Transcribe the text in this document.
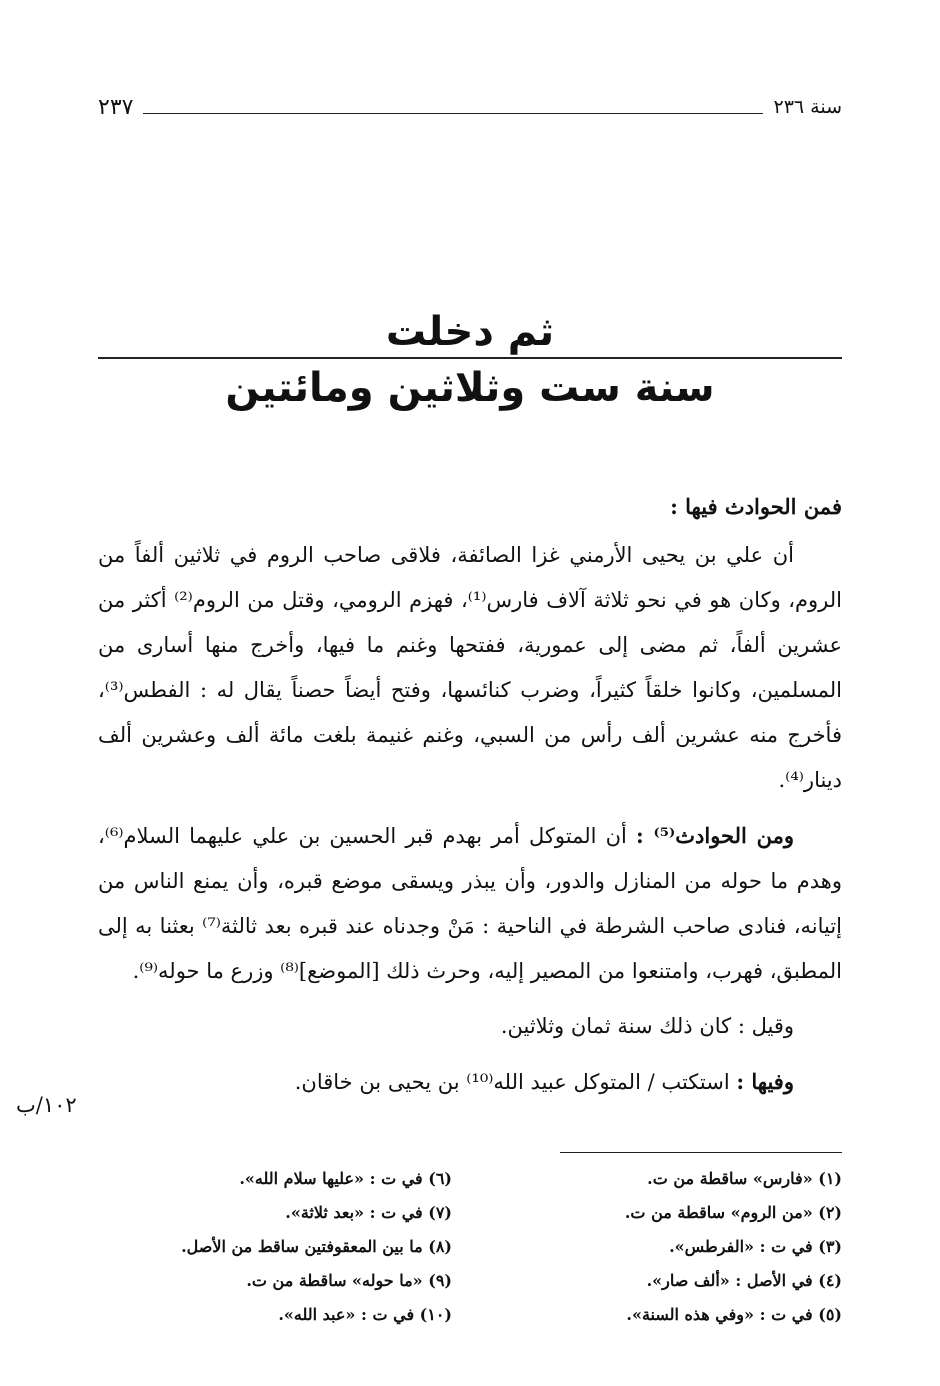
سنة ٢٣٦
٢٣٧
ثم دخلت
سنة ست وثلاثين ومائتين

فمن الحوادث فيها :

أن علي بن يحيى الأرمني غزا الصائفة، فلاقى صاحب الروم في ثلاثين ألفاً من الروم، وكان هو في نحو ثلاثة آلاف فارس⁽¹⁾، فهزم الرومي، وقتل من الروم⁽²⁾ أكثر من عشرين ألفاً، ثم مضى إلى عمورية، ففتحها وغنم ما فيها، وأخرج منها أسارى من المسلمين، وكانوا خلقاً كثيراً، وضرب كنائسها، وفتح أيضاً حصناً يقال له : الفطس⁽³⁾، فأخرج منه عشرين ألف رأس من السبي، وغنم غنيمة بلغت مائة ألف وعشرين ألف دينار⁽⁴⁾.

ومن الحوادث⁽⁵⁾ : أن المتوكل أمر بهدم قبر الحسين بن علي عليهما السلام⁽⁶⁾، وهدم ما حوله من المنازل والدور، وأن يبذر ويسقى موضع قبره، وأن يمنع الناس من إتيانه، فنادى صاحب الشرطة في الناحية : مَنْ وجدناه عند قبره بعد ثالثة⁽⁷⁾ بعثنا به إلى المطبق، فهرب، وامتنعوا من المصير إليه، وحرث ذلك [الموضع]⁽⁸⁾ وزرع ما حوله⁽⁹⁾.

وقيل : كان ذلك سنة ثمان وثلاثين.

وفيها : استكتب / المتوكل عبيد الله⁽¹⁰⁾ بن يحيى بن خاقان.

١٠٢/ب
(١) «فارس» ساقطة من ت.
(٢) «من الروم» ساقطة من ت.
(٣) في ت : «الفرطس».
(٤) في الأصل : «ألف صار».
(٥) في ت : «وفي هذه السنة».
(٦) في ت : «عليها سلام الله».
(٧) في ت : «بعد ثلاثة».
(٨) ما بين المعقوفتين ساقط من الأصل.
(٩) «ما حوله» ساقطة من ت.
(١٠) في ت : «عبد الله».
